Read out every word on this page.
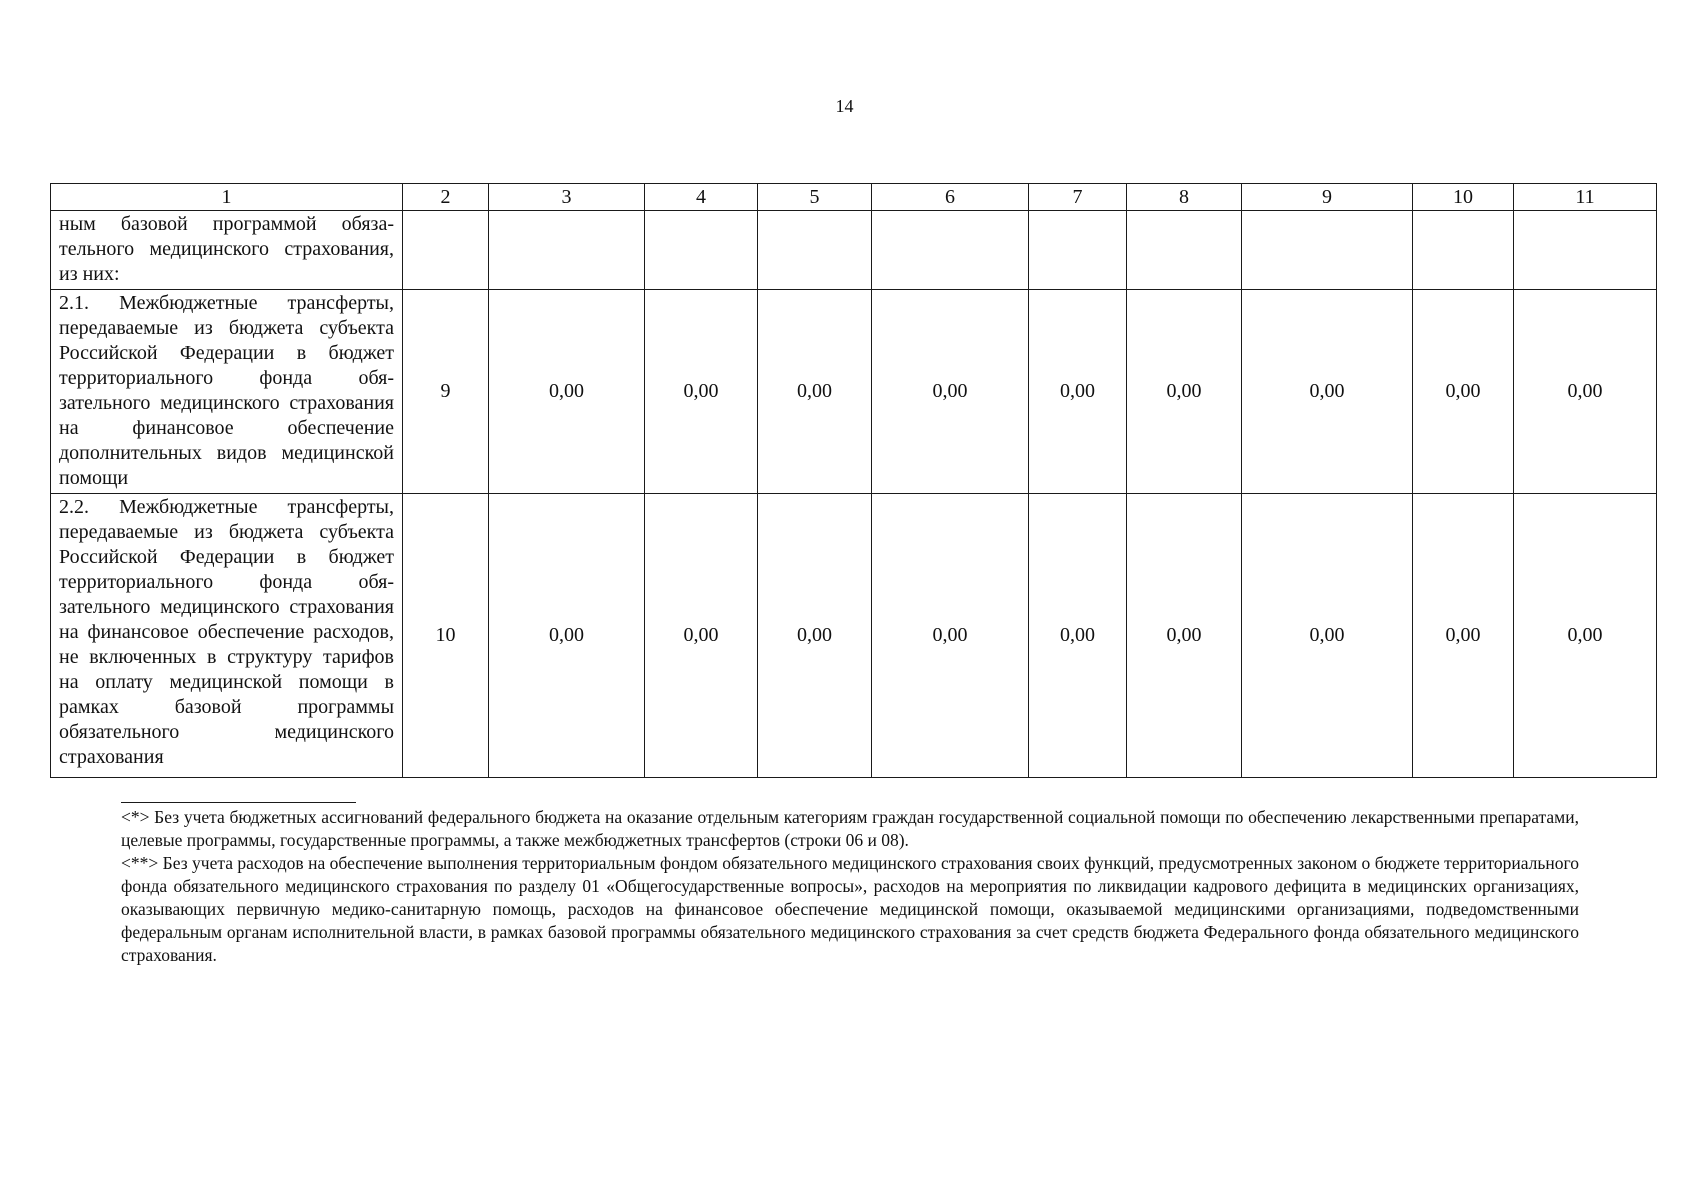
14
1	2	3	4	5	6	7	8	9	10	11
ным базовой программой обязательного медицинского страхования, из них:										
2.1. Межбюджетные трансферты, передаваемые из бюджета субъекта Российской Федерации в бюджет территориального фонда обязательного медицинского страхования на финансовое обеспечение дополнительных видов медицинской помощи	9	0,00	0,00	0,00	0,00	0,00	0,00	0,00	0,00	0,00
2.2. Межбюджетные трансферты, передаваемые из бюджета субъекта Российской Федерации в бюджет территориального фонда обязательного медицинского страхования на финансовое обеспечение расходов, не включенных в структуру тарифов на оплату медицинской помощи в рамках базовой программы обязательного медицинского страхования	10	0,00	0,00	0,00	0,00	0,00	0,00	0,00	0,00	0,00

<*> Без учета бюджетных ассигнований федерального бюджета на оказание отдельным категориям граждан государственной социальной помощи по обеспечению лекарственными препаратами, целевые программы, государственные программы, а также межбюджетных трансфертов (строки 06 и 08).

<**> Без учета расходов на обеспечение выполнения территориальным фондом обязательного медицинского страхования своих функций, предусмотренных законом о бюджете территориального фонда обязательного медицинского страхования по разделу 01 «Общегосударственные вопросы», расходов на мероприятия по ликвидации кадрового дефицита в медицинских организациях, оказывающих первичную медико-санитарную помощь, расходов на финансовое обеспечение медицинской помощи, оказываемой медицинскими организациями, подведомственными федеральным органам исполнительной власти, в рамках базовой программы обязательного медицинского страхования за счет средств бюджета Федерального фонда обязательного медицинского страхования.
